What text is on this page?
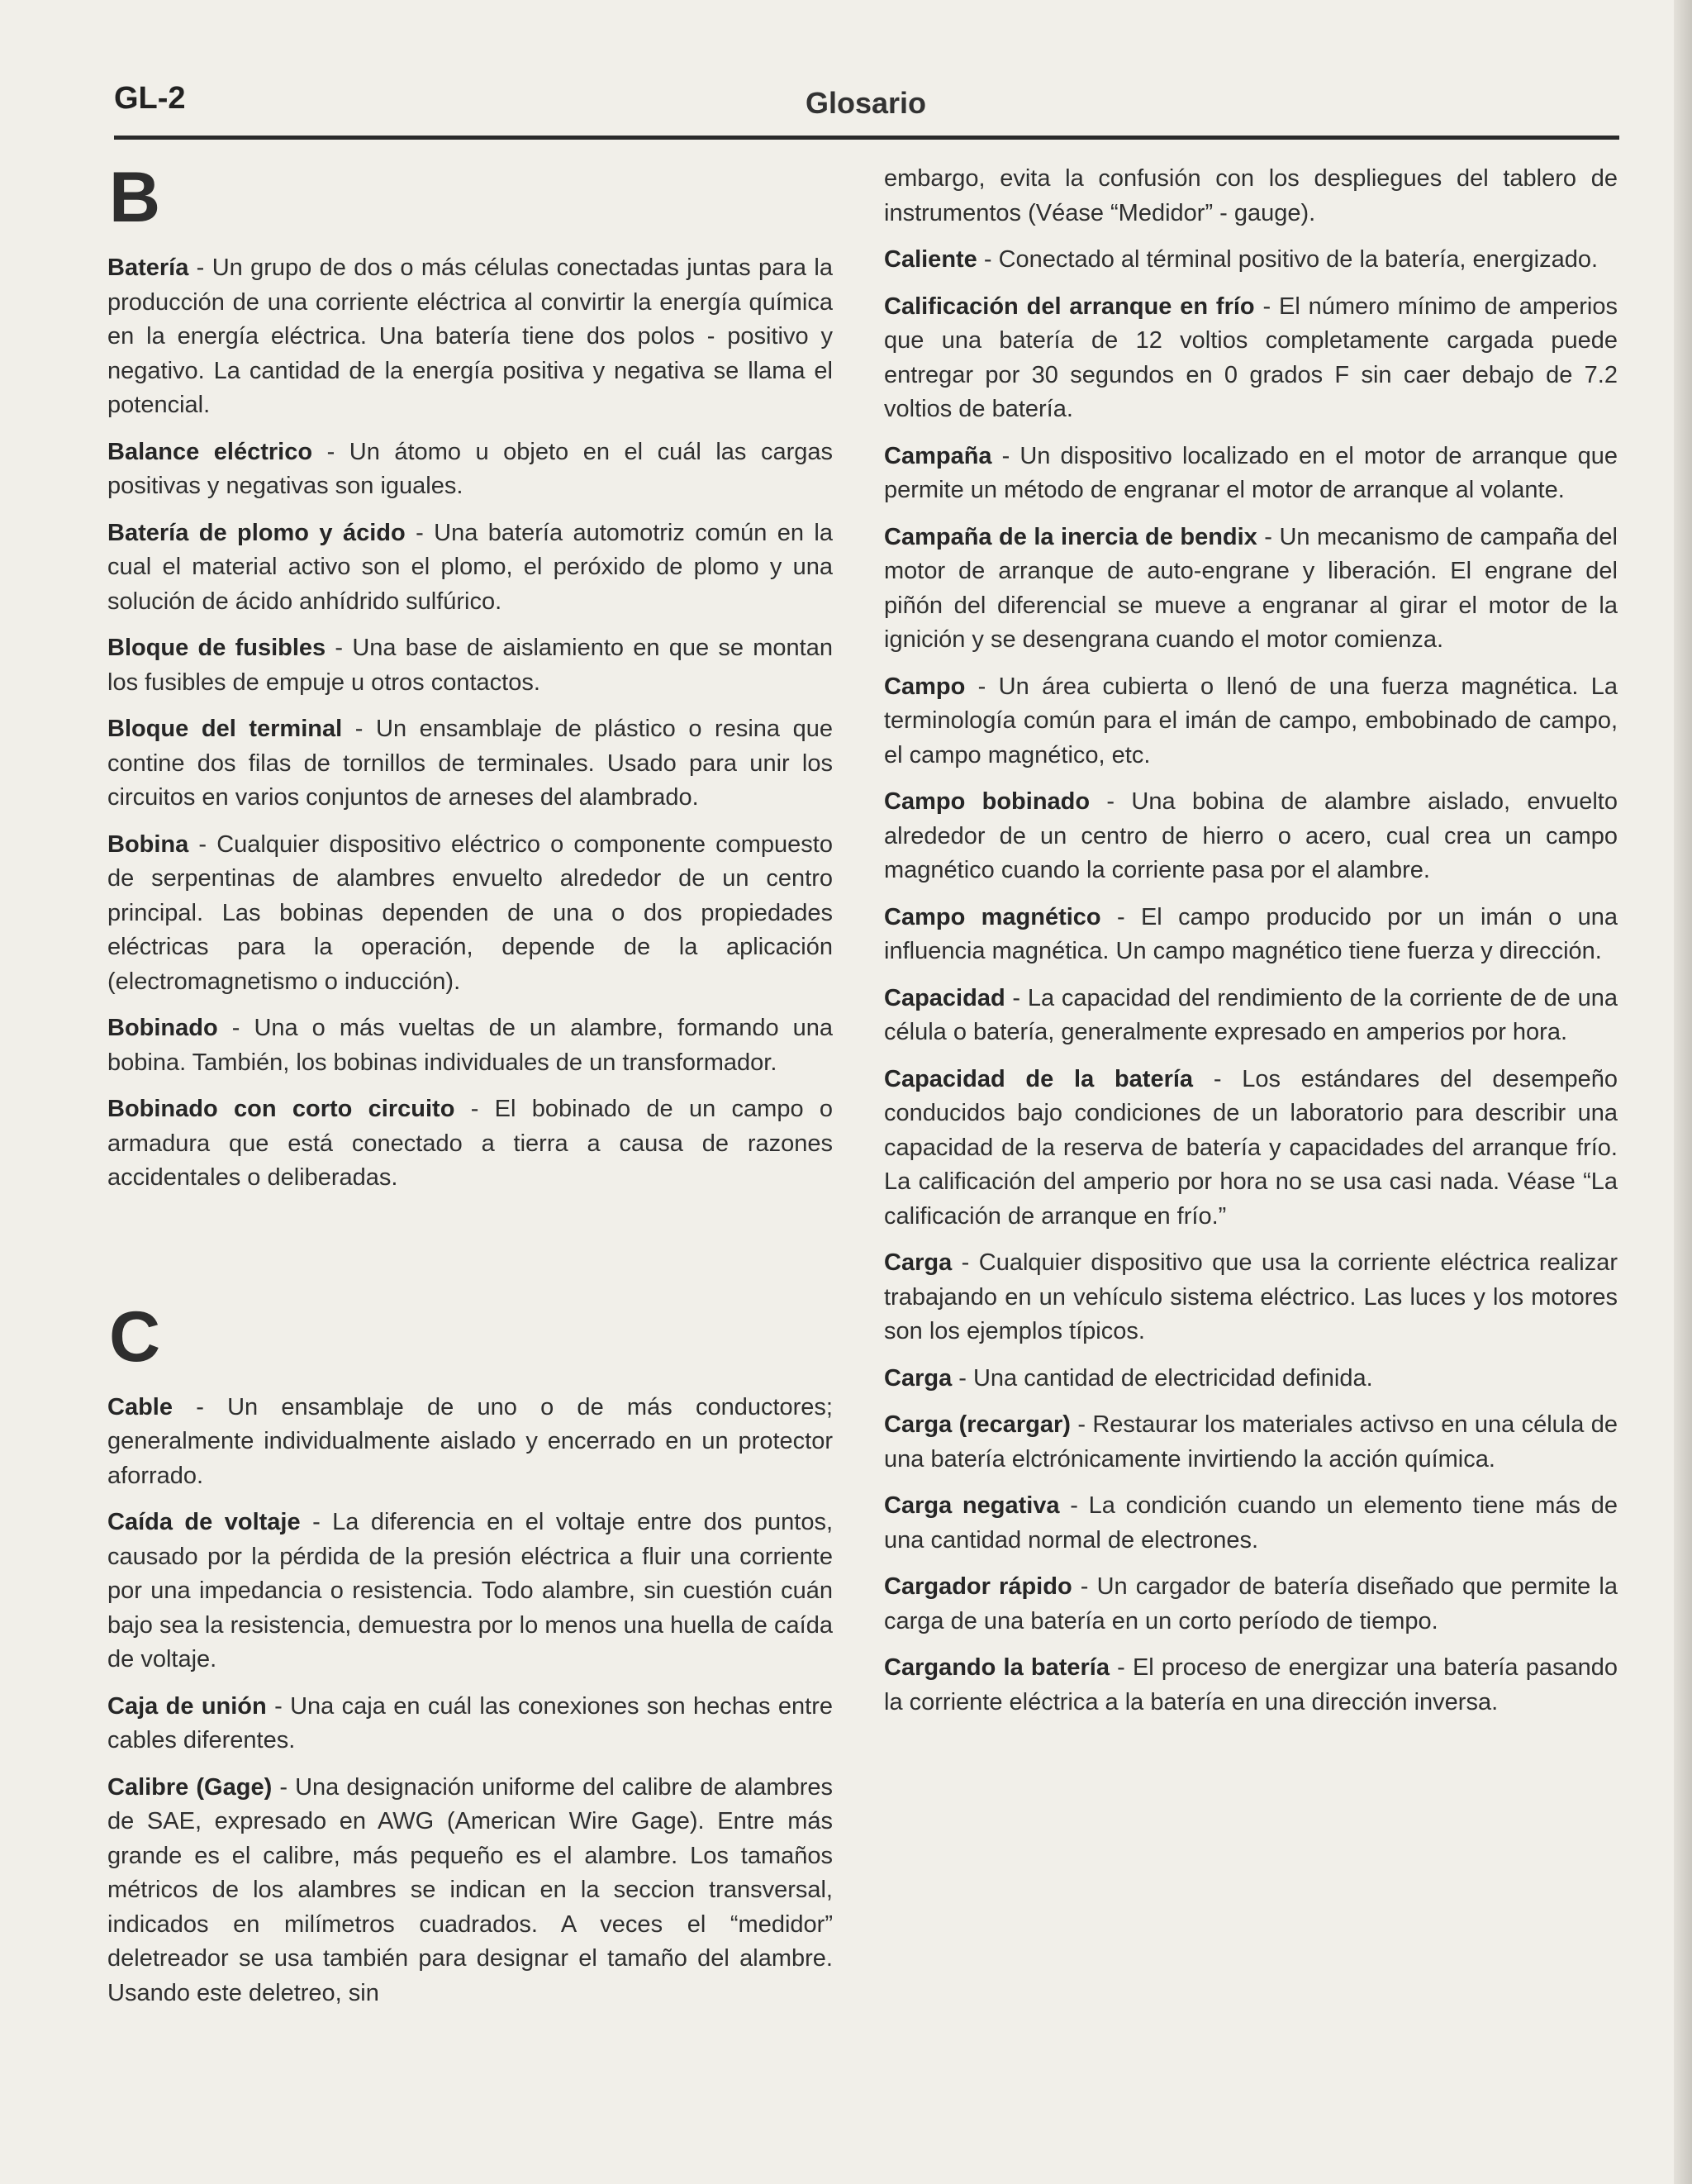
GL-2	Glosario
B

Batería - Un grupo de dos o más células conectadas juntas para la producción de una corriente eléctrica al convirtir la energía química en la energía eléctrica. Una batería tiene dos polos - positivo y negativo. La cantidad de la energía positiva y negativa se llama el potencial.

Balance eléctrico - Un átomo u objeto en el cuál las cargas positivas y negativas son iguales.

Batería de plomo y ácido - Una batería automotriz común en la cual el material activo son el plomo, el peróxido de plomo y una solución de ácido anhídrido sulfúrico.

Bloque de fusibles - Una base de aislamiento en que se montan los fusibles de empuje u otros contactos.

Bloque del terminal - Un ensamblaje de plástico o resina que contine dos filas de tornillos de terminales. Usado para unir los circuitos en varios conjuntos de arneses del alambrado.

Bobina - Cualquier dispositivo eléctrico o componente compuesto de serpentinas de alambres envuelto alrededor de un centro principal. Las bobinas dependen de una o dos propiedades eléctricas para la operación, depende de la aplicación (electromagnetismo o inducción).

Bobinado - Una o más vueltas de un alambre, formando una bobina. También, los bobinas individuales de un transformador.

Bobinado con corto circuito - El bobinado de un campo o armadura que está conectado a tierra a causa de razones accidentales o deliberadas.

C

Cable - Un ensamblaje de uno o de más conductores; generalmente individualmente aislado y encerrado en un protector aforrado.

Caída de voltaje - La diferencia en el voltaje entre dos puntos, causado por la pérdida de la presión eléctrica a fluir una corriente por una impedancia o resistencia. Todo alambre, sin cuestión cuán bajo sea la resistencia, demuestra por lo menos una huella de caída de voltaje.

Caja de unión - Una caja en cuál las conexiones son hechas entre cables diferentes.

Calibre (Gage) - Una designación uniforme del calibre de alambres de SAE, expresado en AWG (American Wire Gage). Entre más grande es el calibre, más pequeño es el alambre. Los tamaños métricos de los alambres se indican en la seccion transversal, indicados en milímetros cuadrados. A veces el “medidor” deletreador se usa también para designar el tamaño del alambre. Usando este deletreo, sin

embargo, evita la confusión con los despliegues del tablero de instrumentos (Véase “Medidor” - gauge).

Caliente - Conectado al términal positivo de la batería, energizado.

Calificación del arranque en frío - El número mínimo de amperios que una batería de 12 voltios completamente cargada puede entregar por 30 segundos en 0 grados F sin caer debajo de 7.2 voltios de batería.

Campaña - Un dispositivo localizado en el motor de arranque que permite un método de engranar el motor de arranque al volante.

Campaña de la inercia de bendix - Un mecanismo de campaña del motor de arranque de auto-engrane y liberación. El engrane del piñón del diferencial se mueve a engranar al girar el motor de la ignición y se desengrana cuando el motor comienza.

Campo - Un área cubierta o llenó de una fuerza magnética. La terminología común para el imán de campo, embobinado de campo, el campo magnético, etc.

Campo bobinado - Una bobina de alambre aislado, envuelto alrededor de un centro de hierro o acero, cual crea un campo magnético cuando la corriente pasa por el alambre.

Campo magnético - El campo producido por un imán o una influencia magnética. Un campo magnético tiene fuerza y dirección.

Capacidad - La capacidad del rendimiento de la corriente de de una célula o batería, generalmente expresado en amperios por hora.

Capacidad de la batería - Los estándares del desempeño conducidos bajo condiciones de un laboratorio para describir una capacidad de la reserva de batería y capacidades del arranque frío. La calificación del amperio por hora no se usa casi nada. Véase “La calificación de arranque en frío.”

Carga - Cualquier dispositivo que usa la corriente eléctrica realizar trabajando en un vehículo sistema eléctrico. Las luces y los motores son los ejemplos típicos.

Carga - Una cantidad de electricidad definida.

Carga (recargar) - Restaurar los materiales activso en una célula de una batería elctrónicamente invirtiendo la acción química.

Carga negativa - La condición cuando un elemento tiene más de una cantidad normal de electrones.

Cargador rápido - Un cargador de batería diseñado que permite la carga de una batería en un corto período de tiempo.

Cargando la batería - El proceso de energizar una batería pasando la corriente eléctrica a la batería en una dirección inversa.
